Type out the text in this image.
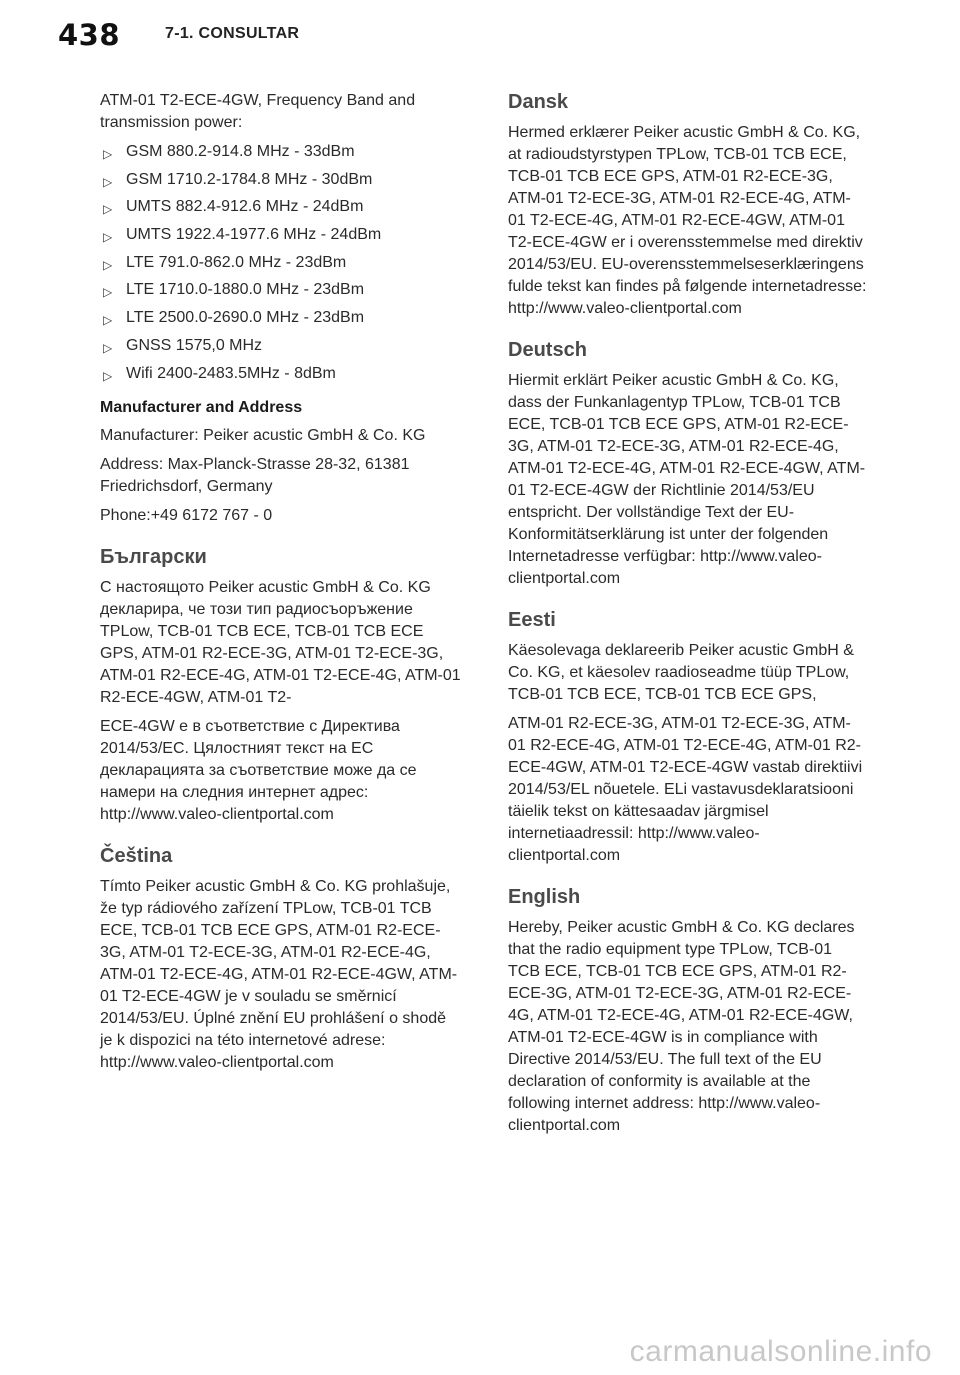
438	7-1. CONSULTAR

ATM-01 T2-ECE-4GW, Frequency Band and transmission power:

▷ GSM 880.2-914.8 MHz - 33dBm
▷ GSM 1710.2-1784.8 MHz - 30dBm
▷ UMTS 882.4-912.6 MHz - 24dBm
▷ UMTS 1922.4-1977.6 MHz - 24dBm
▷ LTE 791.0-862.0 MHz - 23dBm
▷ LTE 1710.0-1880.0 MHz - 23dBm
▷ LTE 2500.0-2690.0 MHz - 23dBm
▷ GNSS 1575,0 MHz
▷ Wifi 2400-2483.5MHz - 8dBm
Manufacturer and Address

Manufacturer: Peiker acustic GmbH & Co. KG

Address: Max-Planck-Strasse 28-32, 61381 Friedrichsdorf, Germany

Phone:+49 6172 767 - 0

Български

С настоящото Peiker acustic GmbH & Co. KG декларира, че този тип радиосъоръжение TPLow, TCB-01 TCB ECE, TCB-01 TCB ECE GPS, ATM-01 R2-ECE-3G, ATM-01 T2-ECE-3G, ATM-01 R2-ECE-4G, ATM-01 T2-ECE-4G, ATM-01 R2-ECE-4GW, ATM-01 T2-

ECE-4GW е в съответствие с Директива 2014/53/ЕС. Цялостният текст на ЕС декларацията за съответствие може да се намери на следния интернет адрес: http://www.valeo-clientportal.com

Čeština

Tímto Peiker acustic GmbH & Co. KG prohlašuje, že typ rádiového zařízení TPLow, TCB-01 TCB ECE, TCB-01 TCB ECE GPS, ATM-01 R2-ECE-3G, ATM-01 T2-ECE-3G, ATM-01 R2-ECE-4G, ATM-01 T2-ECE-4G, ATM-01 R2-ECE-4GW, ATM-01 T2-ECE-4GW je v souladu se směrnicí 2014/53/EU. Úplné znění EU prohlášení o shodě je k dispozici na této internetové adrese: http://www.valeo-clientportal.com

Dansk

Hermed erklærer Peiker acustic GmbH & Co. KG, at radioudstyrstypen TPLow, TCB-01 TCB ECE, TCB-01 TCB ECE GPS, ATM-01 R2-ECE-3G, ATM-01 T2-ECE-3G, ATM-01 R2-ECE-4G, ATM-01 T2-ECE-4G, ATM-01 R2-ECE-4GW, ATM-01 T2-ECE-4GW er i overensstemmelse med direktiv 2014/53/EU. EU-overensstemmelseserklæringens fulde tekst kan findes på følgende internetadresse: http://www.valeo-clientportal.com

Deutsch

Hiermit erklärt Peiker acustic GmbH & Co. KG, dass der Funkanlagentyp TPLow, TCB-01 TCB ECE, TCB-01 TCB ECE GPS, ATM-01 R2-ECE-3G, ATM-01 T2-ECE-3G, ATM-01 R2-ECE-4G, ATM-01 T2-ECE-4G, ATM-01 R2-ECE-4GW, ATM-01 T2-ECE-4GW der Richtlinie 2014/53/EU entspricht. Der vollständige Text der EU-Konformitätserklärung ist unter der folgenden Internetadresse verfügbar: http://www.valeo-clientportal.com

Eesti

Käesolevaga deklareerib Peiker acustic GmbH & Co. KG, et käesolev raadioseadme tüüp TPLow, TCB-01 TCB ECE, TCB-01 TCB ECE GPS,

ATM-01 R2-ECE-3G, ATM-01 T2-ECE-3G, ATM-01 R2-ECE-4G, ATM-01 T2-ECE-4G, ATM-01 R2-ECE-4GW, ATM-01 T2-ECE-4GW vastab direktiivi 2014/53/EL nõuetele. ELi vastavusdeklaratsiooni täielik tekst on kättesaadav järgmisel internetiaadressil: http://www.valeo-clientportal.com

English

Hereby, Peiker acustic GmbH & Co. KG declares that the radio equipment type TPLow, TCB-01 TCB ECE, TCB-01 TCB ECE GPS, ATM-01 R2-ECE-3G, ATM-01 T2-ECE-3G, ATM-01 R2-ECE-4G, ATM-01 T2-ECE-4G, ATM-01 R2-ECE-4GW, ATM-01 T2-ECE-4GW is in compliance with Directive 2014/53/EU. The full text of the EU declaration of conformity is available at the following internet address: http://www.valeo-clientportal.com

carmanualsonline.info
